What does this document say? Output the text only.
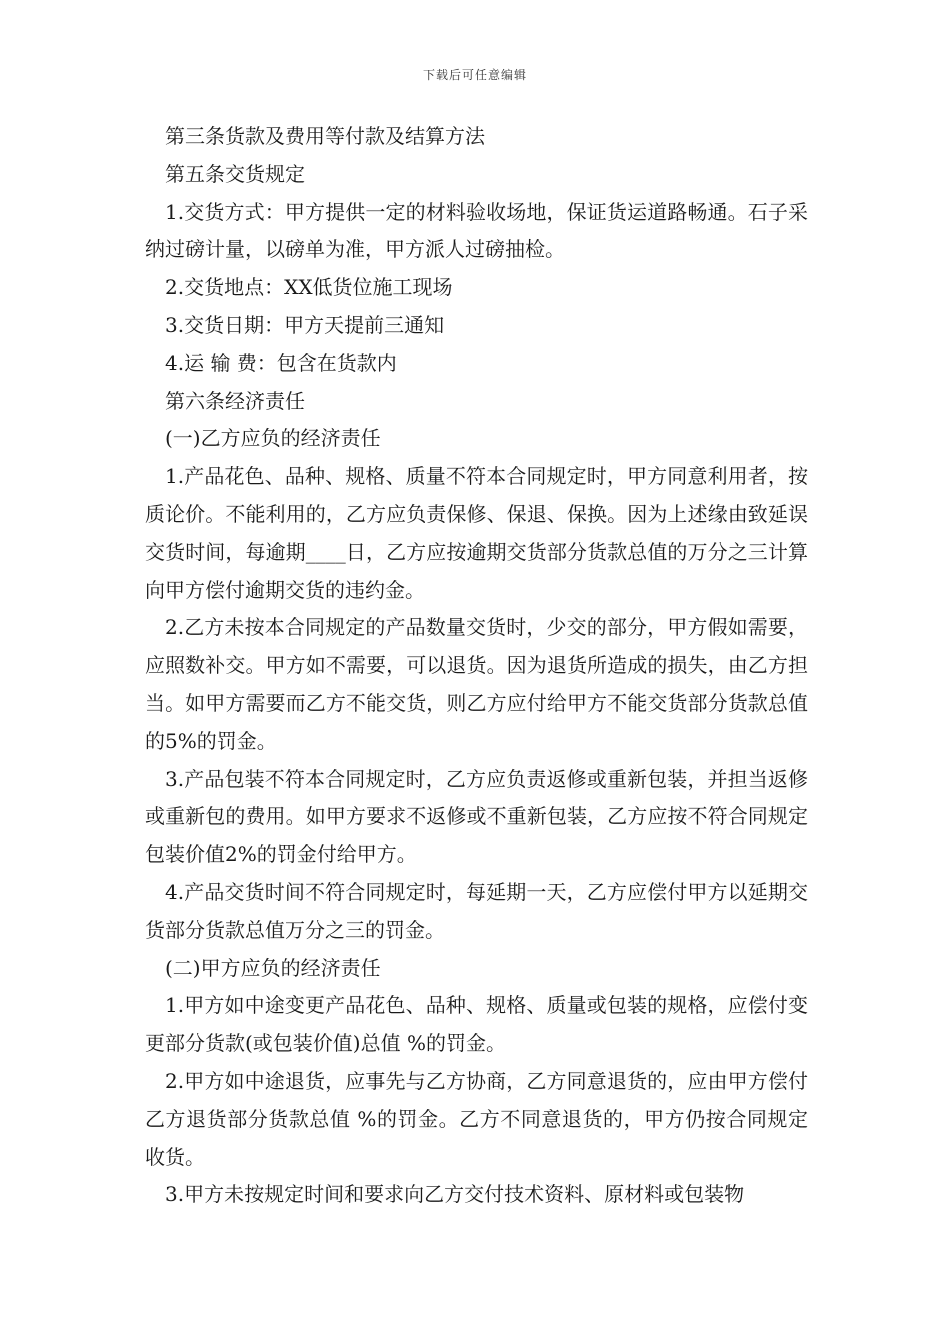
下载后可任意编辑

第三条货款及费用等付款及结算方法

第五条交货规定

1.交货方式：甲方提供一定的材料验收场地，保证货运道路畅通。石子采纳过磅计量，以磅单为准，甲方派人过磅抽检。

2.交货地点：XX低货位施工现场

3.交货日期：甲方天提前三通知

4.运 输 费：包含在货款内

第六条经济责任

(一)乙方应负的经济责任

1.产品花色、品种、规格、质量不符本合同规定时，甲方同意利用者，按质论价。不能利用的，乙方应负责保修、保退、保换。因为上述缘由致延误交货时间，每逾期____日，乙方应按逾期交货部分货款总值的万分之三计算向甲方偿付逾期交货的违约金。

2.乙方未按本合同规定的产品数量交货时，少交的部分，甲方假如需要，应照数补交。甲方如不需要，可以退货。因为退货所造成的损失，由乙方担当。如甲方需要而乙方不能交货，则乙方应付给甲方不能交货部分货款总值的5%的罚金。

3.产品包装不符本合同规定时，乙方应负责返修或重新包装，并担当返修或重新包的费用。如甲方要求不返修或不重新包装，乙方应按不符合同规定包装价值2%的罚金付给甲方。

4.产品交货时间不符合同规定时，每延期一天，乙方应偿付甲方以延期交货部分货款总值万分之三的罚金。

(二)甲方应负的经济责任

1.甲方如中途变更产品花色、品种、规格、质量或包装的规格，应偿付变更部分货款(或包装价值)总值 %的罚金。

2.甲方如中途退货，应事先与乙方协商，乙方同意退货的，应由甲方偿付乙方退货部分货款总值 %的罚金。乙方不同意退货的，甲方仍按合同规定收货。

3.甲方未按规定时间和要求向乙方交付技术资料、原材料或包装物
